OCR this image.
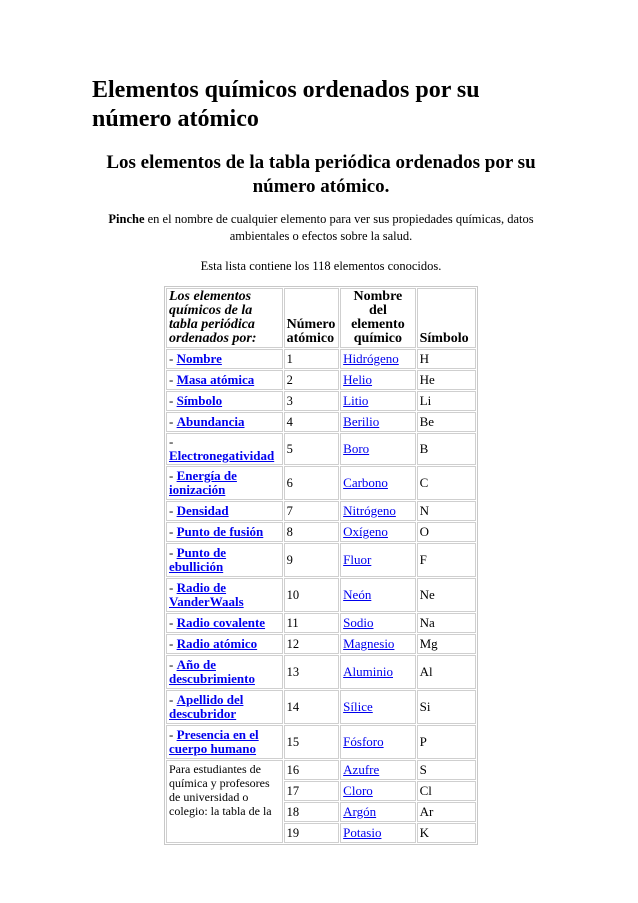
Elementos químicos ordenados por su número atómico
Los elementos de la tabla periódica ordenados por su número atómico.

Pinche en el nombre de cualquier elemento para ver sus propiedades químicas, datos ambientales o efectos sobre la salud.

Esta lista contiene los 118 elementos conocidos.

Los elementos químicos de la tabla periódica ordenados por:	Número atómico	Nombre del elemento químico	Símbolo
- Nombre	1	Hidrógeno	H
- Masa atómica	2	Helio	He
- Símbolo	3	Litio	Li
- Abundancia	4	Berilio	Be
- Electronegatividad	5	Boro	B
- Energía de ionización	6	Carbono	C
- Densidad	7	Nitrógeno	N
- Punto de fusión	8	Oxígeno	O
- Punto de ebullición	9	Fluor	F
- Radio de VanderWaals	10	Neón	Ne
- Radio covalente	11	Sodio	Na
- Radio atómico	12	Magnesio	Mg
- Año de descubrimiento	13	Aluminio	Al
- Apellido del descubridor	14	Sílice	Si
- Presencia en el cuerpo humano	15	Fósforo	P
Para estudiantes de química y profesores de universidad o colegio: la tabla de la	16	Azufre	S
	17	Cloro	Cl
	18	Argón	Ar
	19	Potasio	K
